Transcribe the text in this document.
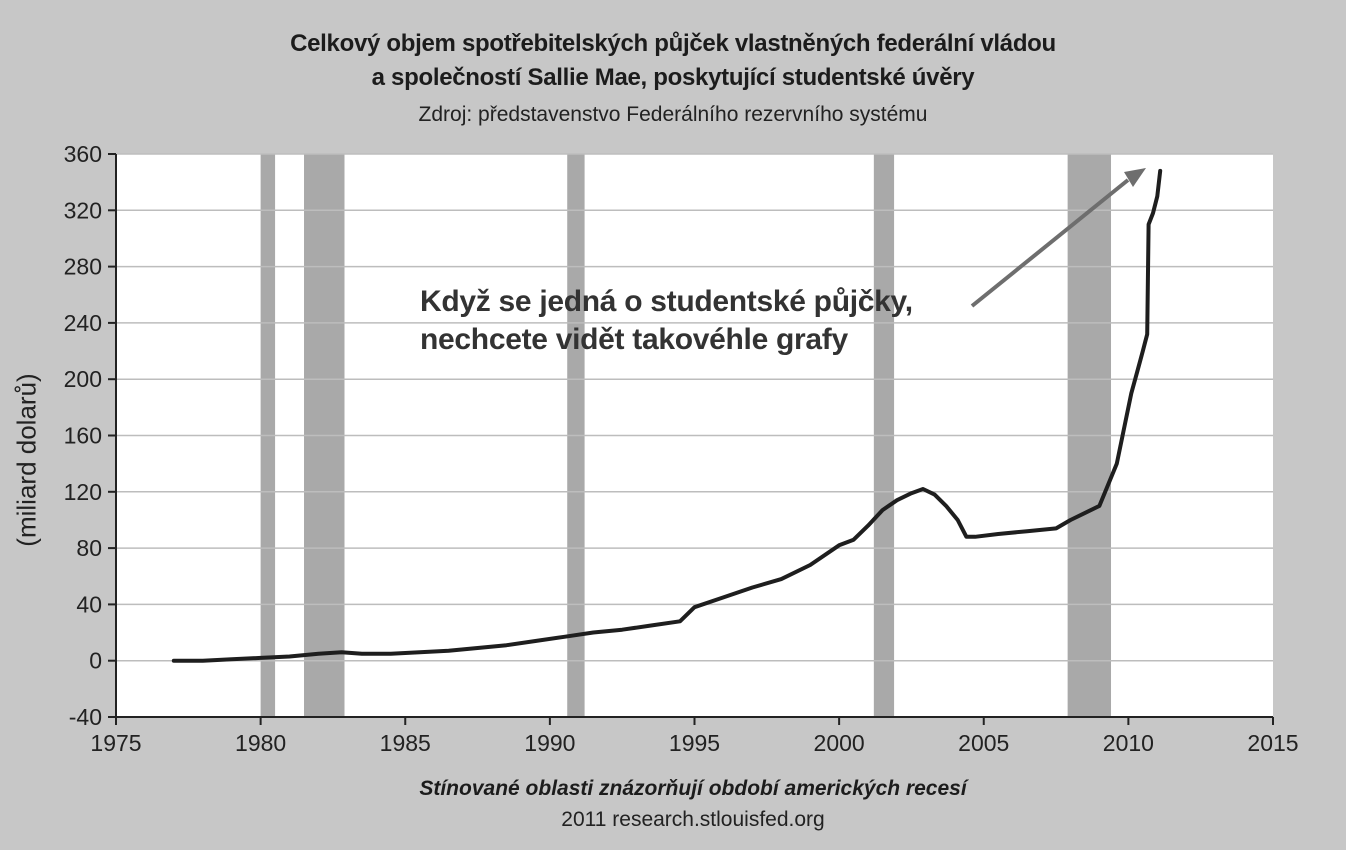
Celkový objem spotřebitelských půjček vlastněných federální vládou
a společností Sallie Mae, poskytující studentské úvěry
Zdroj: představenstvo Federálního rezervního systému
-40
0
40
80
120
160
200
240
280
320
360
1975	1980	1985	1990	1995	2000	2005	2010	2015
(miliard dolarů)
Když se jedná o studentské půjčky,
nechcete vidět takovéhle grafy
Stínované oblasti znázorňují období amerických recesí
2011 research.stlouisfed.org
